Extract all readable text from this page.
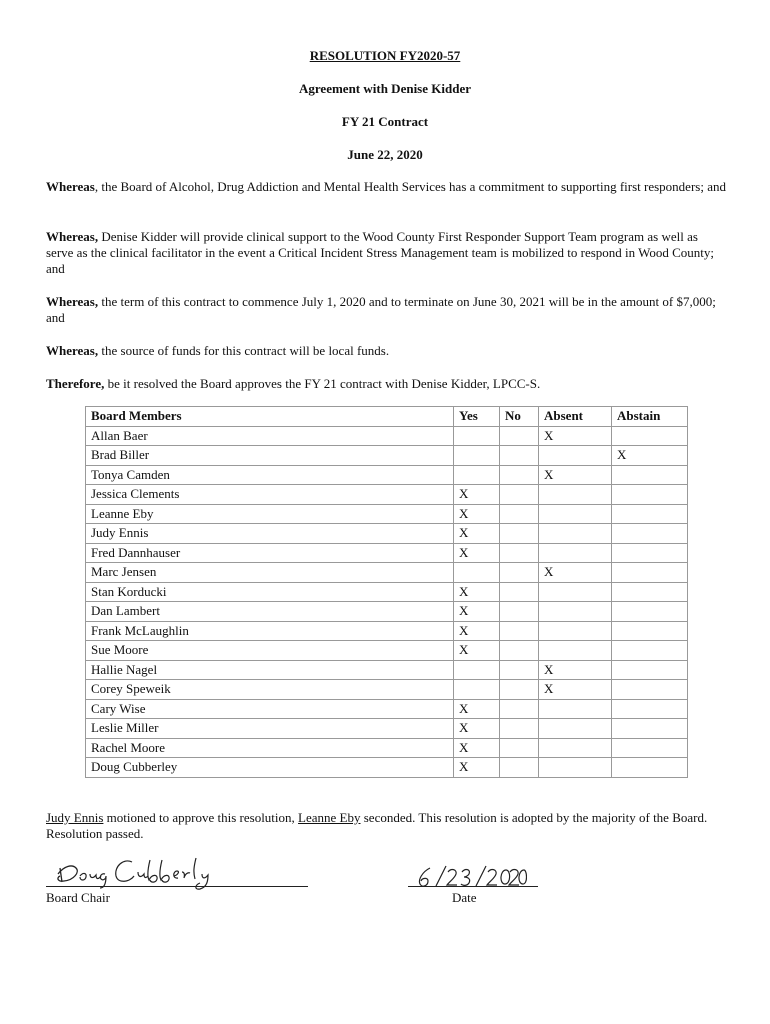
RESOLUTION FY2020-57
Agreement with Denise Kidder
FY 21 Contract
June 22, 2020

Whereas, the Board of Alcohol, Drug Addiction and Mental Health Services has a commitment to supporting first responders; and

Whereas, Denise Kidder will provide clinical support to the Wood County First Responder Support Team program as well as serve as the clinical facilitator in the event a Critical Incident Stress Management team is mobilized to respond in Wood County; and

Whereas, the term of this contract to commence July 1, 2020 and to terminate on June 30, 2021 will be in the amount of $7,000; and

Whereas, the source of funds for this contract will be local funds.

Therefore, be it resolved the Board approves the FY 21 contract with Denise Kidder, LPCC-S.

Board Members	Yes	No	Absent	Abstain
Allan Baer			X	
Brad Biller				X
Tonya Camden			X	
Jessica Clements	X			
Leanne Eby	X			
Judy Ennis	X			
Fred Dannhauser	X			
Marc Jensen			X	
Stan Korducki	X			
Dan Lambert	X			
Frank McLaughlin	X			
Sue Moore	X			
Hallie Nagel			X	
Corey Speweik			X	
Cary Wise	X			
Leslie Miller	X			
Rachel Moore	X			
Doug Cubberley	X			

Judy Ennis motioned to approve this resolution, Leanne Eby seconded. This resolution is adopted by the majority of the Board. Resolution passed.

Board Chair	Date
